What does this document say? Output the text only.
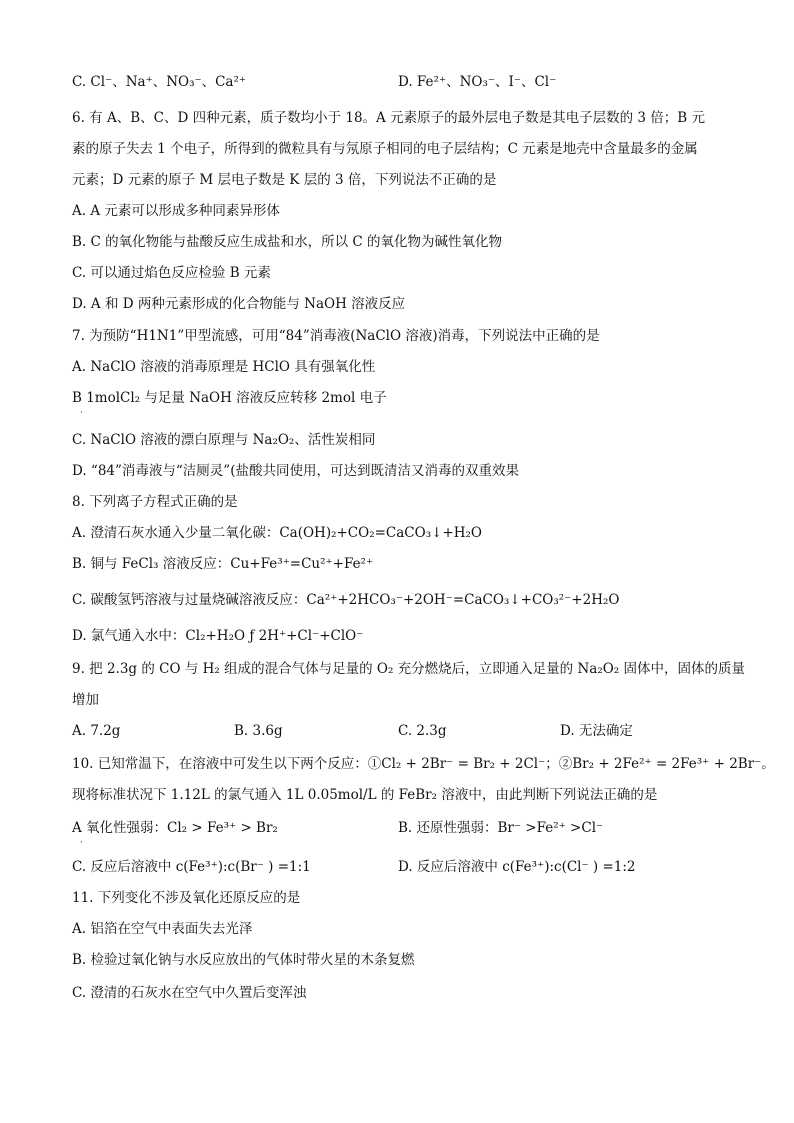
C. Cl⁻、Na⁺、NO₃⁻、Ca²⁺	D. Fe²⁺、NO₃⁻、I⁻、Cl⁻
6. 有 A、B、C、D 四种元素，质子数均小于 18。A 元素原子的最外层电子数是其电子层数的 3 倍；B 元
素的原子失去 1 个电子，所得到的微粒具有与氖原子相同的电子层结构；C 元素是地壳中含量最多的金属
元素；D 元素的原子 M 层电子数是 K 层的 3 倍，下列说法不正确的是
A. A 元素可以形成多种同素异形体
B. C 的氧化物能与盐酸反应生成盐和水，所以 C 的氧化物为碱性氧化物
C. 可以通过焰色反应检验 B 元素
D. A 和 D 两种元素形成的化合物能与 NaOH 溶液反应
7. 为预防“H1N1”甲型流感，可用“84”消毒液(NaClO 溶液)消毒，下列说法中正确的是
A. NaClO 溶液的消毒原理是 HClO 具有强氧化性
B 1molCl₂ 与足量 NaOH 溶液反应转移 2mol 电子
·
C. NaClO 溶液的漂白原理与 Na₂O₂、活性炭相同
D. “84”消毒液与“洁厕灵”(盐酸共同使用，可达到既清洁又消毒的双重效果
8. 下列离子方程式正确的是
A. 澄清石灰水通入少量二氧化碳：Ca(OH)₂+CO₂=CaCO₃↓+H₂O
B. 铜与 FeCl₃ 溶液反应：Cu+Fe³⁺=Cu²⁺+Fe²⁺
C. 碳酸氢钙溶液与过量烧碱溶液反应：Ca²⁺+2HCO₃⁻+2OH⁻=CaCO₃↓+CO₃²⁻+2H₂O
D. 氯气通入水中：Cl₂+H₂O ƒ 2H⁺+Cl⁻+ClO⁻
9. 把 2.3g 的 CO 与 H₂ 组成的混合气体与足量的 O₂ 充分燃烧后，立即通入足量的 Na₂O₂ 固体中，固体的质量
增加
A. 7.2g	B. 3.6g	C. 2.3g	D. 无法确定
10. 已知常温下，在溶液中可发生以下两个反应：①Cl₂ + 2Br⁻ = Br₂ + 2Cl⁻；②Br₂ + 2Fe²⁺ = 2Fe³⁺ + 2Br⁻。
现将标准状况下 1.12L 的氯气通入 1L 0.05mol/L 的 FeBr₂ 溶液中，由此判断下列说法正确的是
A 氧化性强弱：Cl₂ > Fe³⁺ > Br₂	B. 还原性强弱：Br⁻ >Fe²⁺ >Cl⁻
·
C. 反应后溶液中 c(Fe³⁺):c(Br⁻ ) =1:1	D. 反应后溶液中 c(Fe³⁺):c(Cl⁻ ) =1:2
11. 下列变化不涉及氧化还原反应的是
A. 铝箔在空气中表面失去光泽
B. 检验过氧化钠与水反应放出的气体时带火星的木条复燃
C. 澄清的石灰水在空气中久置后变浑浊
